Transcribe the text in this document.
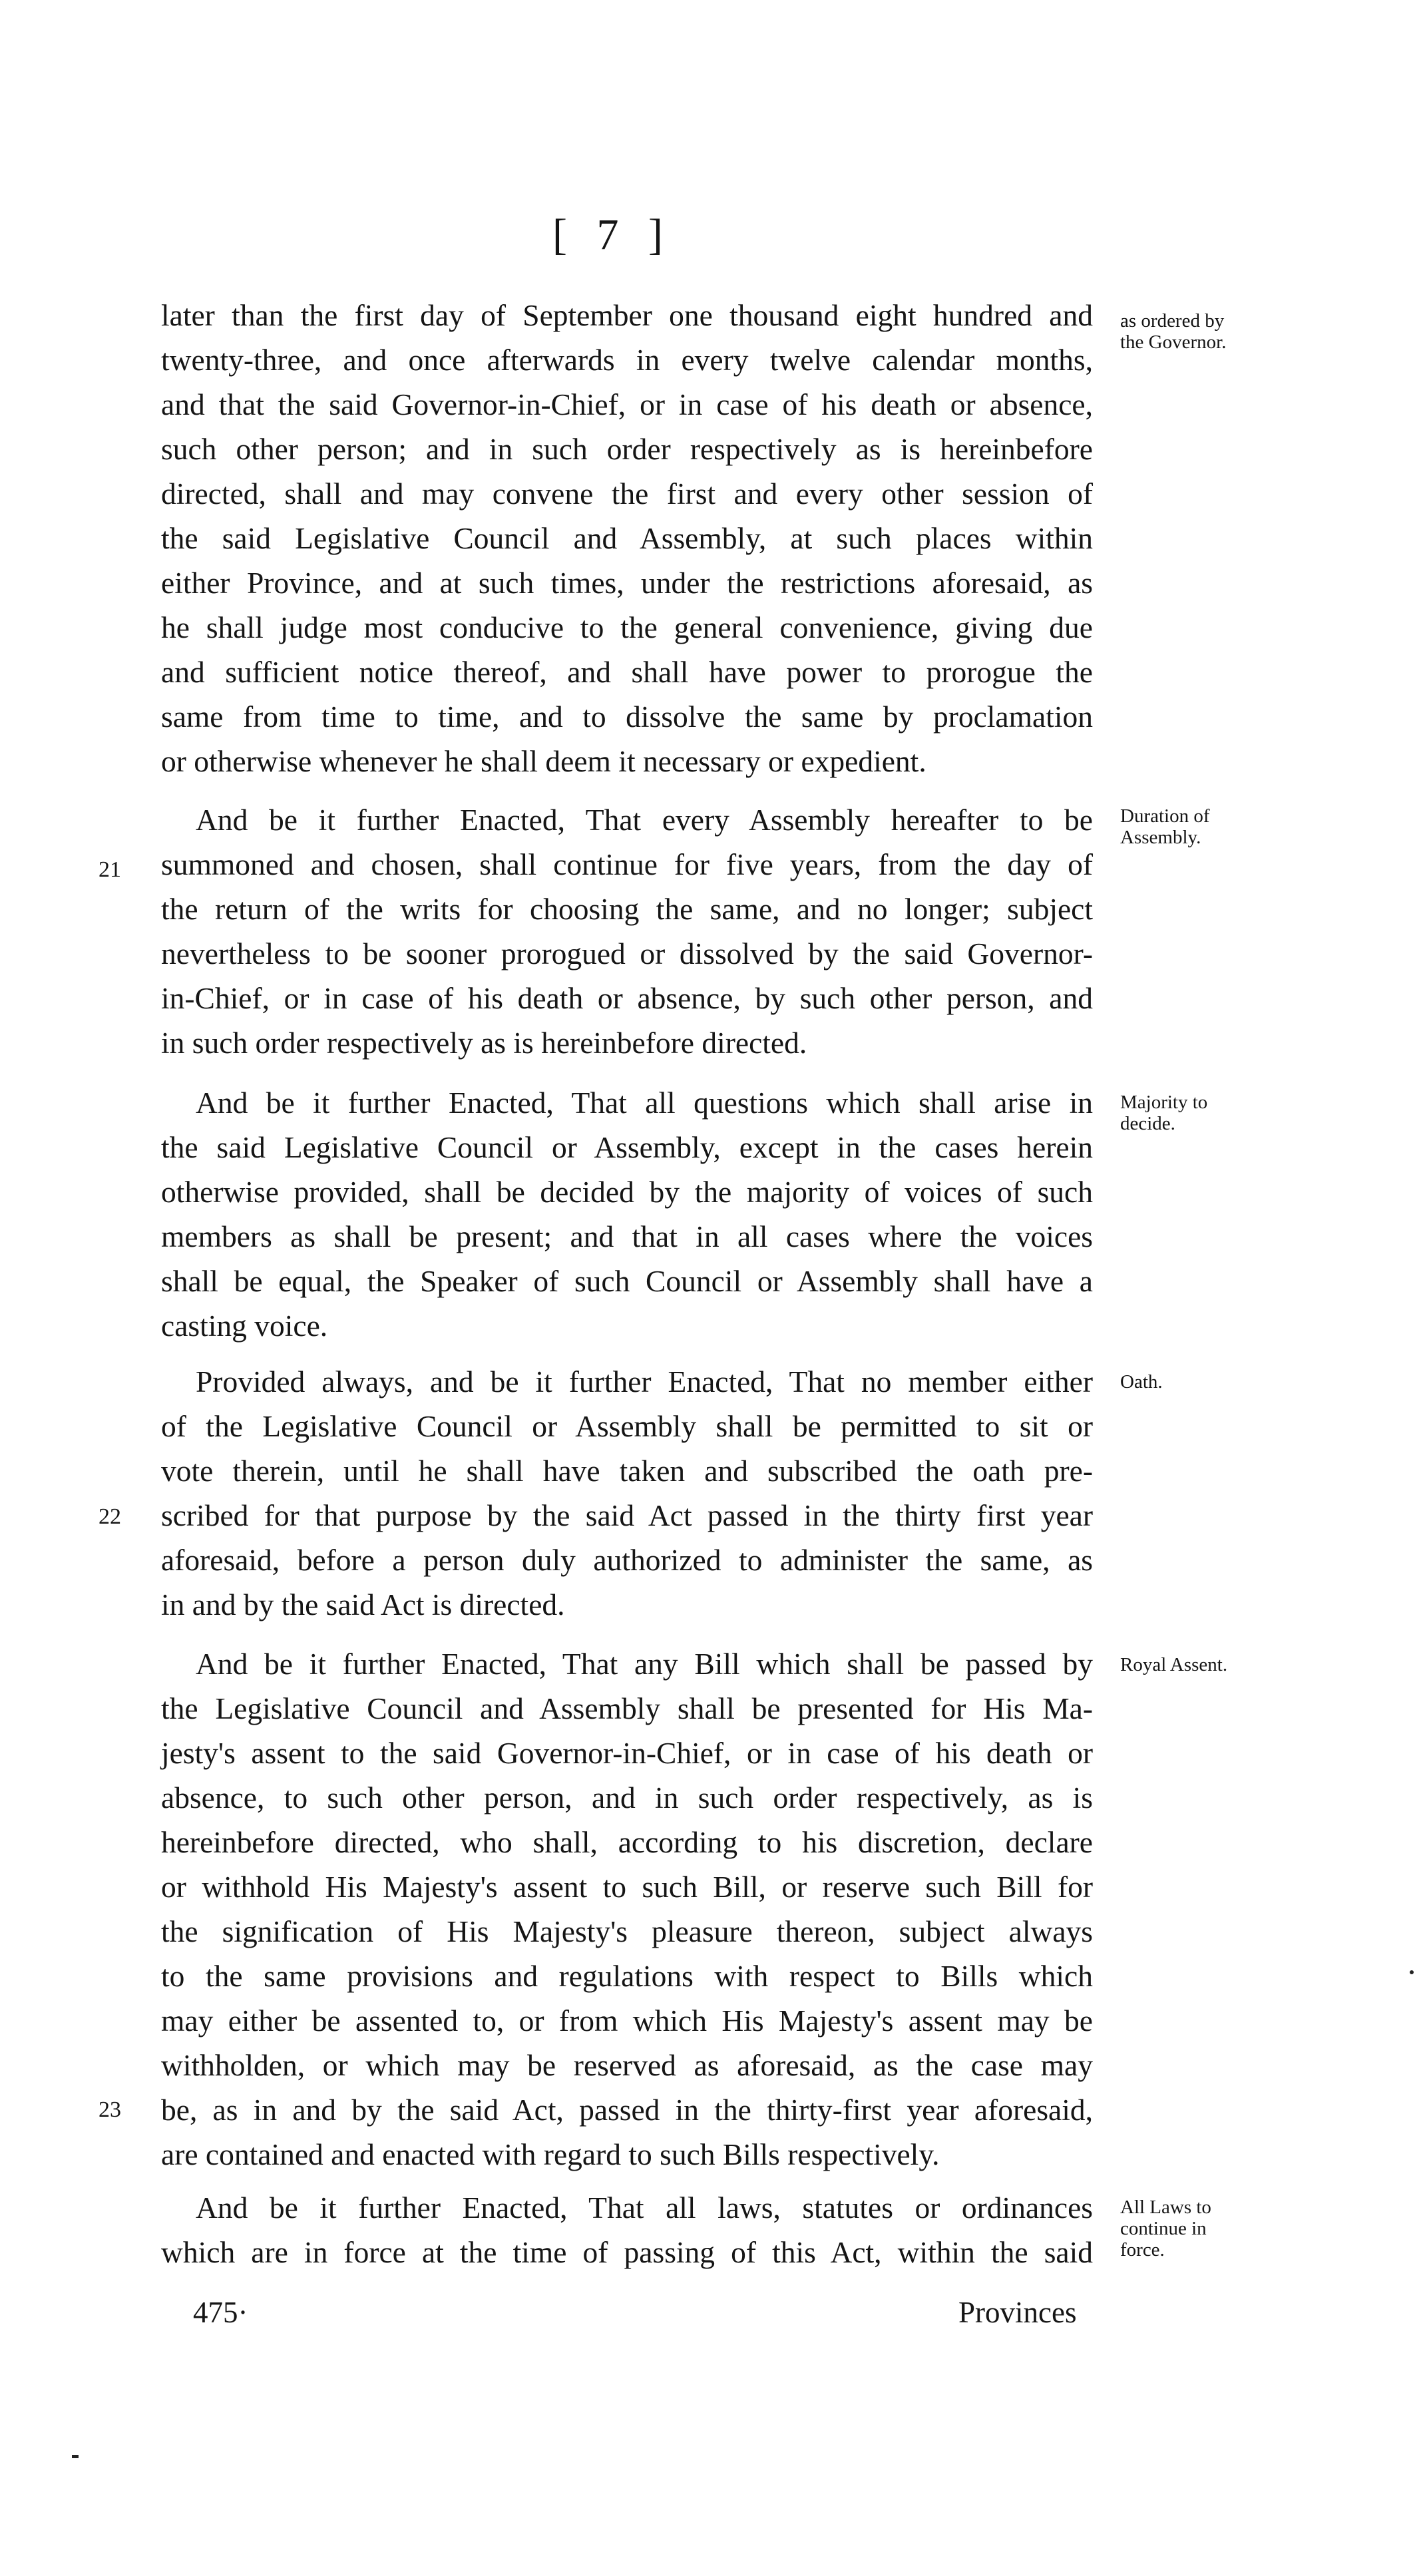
[ 7 ]
later than the first day of September one thousand eight hundred and
twenty-three, and once afterwards in every twelve calendar months,
and that the said Governor-in-Chief, or in case of his death or absence,
such other person; and in such order respectively as is hereinbefore
directed, shall and may convene the first and every other session of
the said Legislative Council and Assembly, at such places within
either Province, and at such times, under the restrictions aforesaid, as
he shall judge most conducive to the general convenience, giving due
and sufficient notice thereof, and shall have power to prorogue the
same from time to time, and to dissolve the same by proclamation
or otherwise whenever he shall deem it necessary or expedient.
as ordered by
the Governor.
And be it further Enacted, That every Assembly hereafter to be
summoned and chosen, shall continue for five years, from the day of
the return of the writs for choosing the same, and no longer; subject
nevertheless to be sooner prorogued or dissolved by the said Governor-
in-Chief, or in case of his death or absence, by such other person, and
in such order respectively as is hereinbefore directed.
21
Duration of
Assembly.
And be it further Enacted, That all questions which shall arise in
the said Legislative Council or Assembly, except in the cases herein
otherwise provided, shall be decided by the majority of voices of such
members as shall be present; and that in all cases where the voices
shall be equal, the Speaker of such Council or Assembly shall have a
casting voice.
Majority to
decide.
Provided always, and be it further Enacted, That no member either
of the Legislative Council or Assembly shall be permitted to sit or
vote therein, until he shall have taken and subscribed the oath pre-
scribed for that purpose by the said Act passed in the thirty first year
aforesaid, before a person duly authorized to administer the same, as
in and by the said Act is directed.
22
Oath.
And be it further Enacted, That any Bill which shall be passed by
the Legislative Council and Assembly shall be presented for His Ma-
jesty's assent to the said Governor-in-Chief, or in case of his death or
absence, to such other person, and in such order respectively, as is
hereinbefore directed, who shall, according to his discretion, declare
or withhold His Majesty's assent to such Bill, or reserve such Bill for
the signification of His Majesty's pleasure thereon, subject always
to the same provisions and regulations with respect to Bills which
may either be assented to, or from which His Majesty's assent may be
withholden, or which may be reserved as aforesaid, as the case may
be, as in and by the said Act, passed in the thirty-first year aforesaid,
are contained and enacted with regard to such Bills respectively.
23
Royal Assent.
And be it further Enacted, That all laws, statutes or ordinances
which are in force at the time of passing of this Act, within the said
All Laws to
continue in
force.
475·	Provinces
